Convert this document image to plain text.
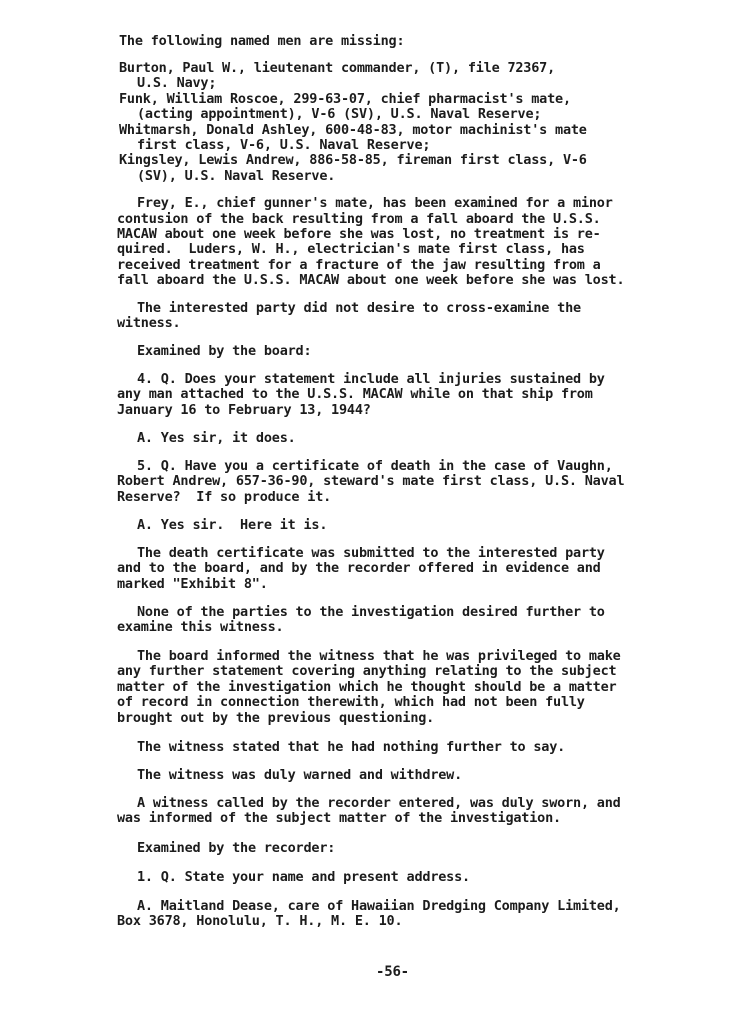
The following named men are missing:
Burton, Paul W., lieutenant commander, (T), file 72367,
U.S. Navy;
Funk, William Roscoe, 299-63-07, chief pharmacist's mate,
(acting appointment), V-6 (SV), U.S. Naval Reserve;
Whitmarsh, Donald Ashley, 600-48-83, motor machinist's mate
first class, V-6, U.S. Naval Reserve;
Kingsley, Lewis Andrew, 886-58-85, fireman first class, V-6
(SV), U.S. Naval Reserve.
Frey, E., chief gunner's mate, has been examined for a minor
contusion of the back resulting from a fall aboard the U.S.S.
MACAW about one week before she was lost, no treatment is re-
quired.  Luders, W. H., electrician's mate first class, has
received treatment for a fracture of the jaw resulting from a
fall aboard the U.S.S. MACAW about one week before she was lost.
The interested party did not desire to cross-examine the
witness.
Examined by the board:
4. Q. Does your statement include all injuries sustained by
any man attached to the U.S.S. MACAW while on that ship from
January 16 to February 13, 1944?
A. Yes sir, it does.
5. Q. Have you a certificate of death in the case of Vaughn,
Robert Andrew, 657-36-90, steward's mate first class, U.S. Naval
Reserve?  If so produce it.
A. Yes sir.  Here it is.
The death certificate was submitted to the interested party
and to the board, and by the recorder offered in evidence and
marked "Exhibit 8".
None of the parties to the investigation desired further to
examine this witness.
The board informed the witness that he was privileged to make
any further statement covering anything relating to the subject
matter of the investigation which he thought should be a matter
of record in connection therewith, which had not been fully
brought out by the previous questioning.
The witness stated that he had nothing further to say.
The witness was duly warned and withdrew.
A witness called by the recorder entered, was duly sworn, and
was informed of the subject matter of the investigation.
Examined by the recorder:
1. Q. State your name and present address.
A. Maitland Dease, care of Hawaiian Dredging Company Limited,
Box 3678, Honolulu, T. H., M. E. 10.
-56-
